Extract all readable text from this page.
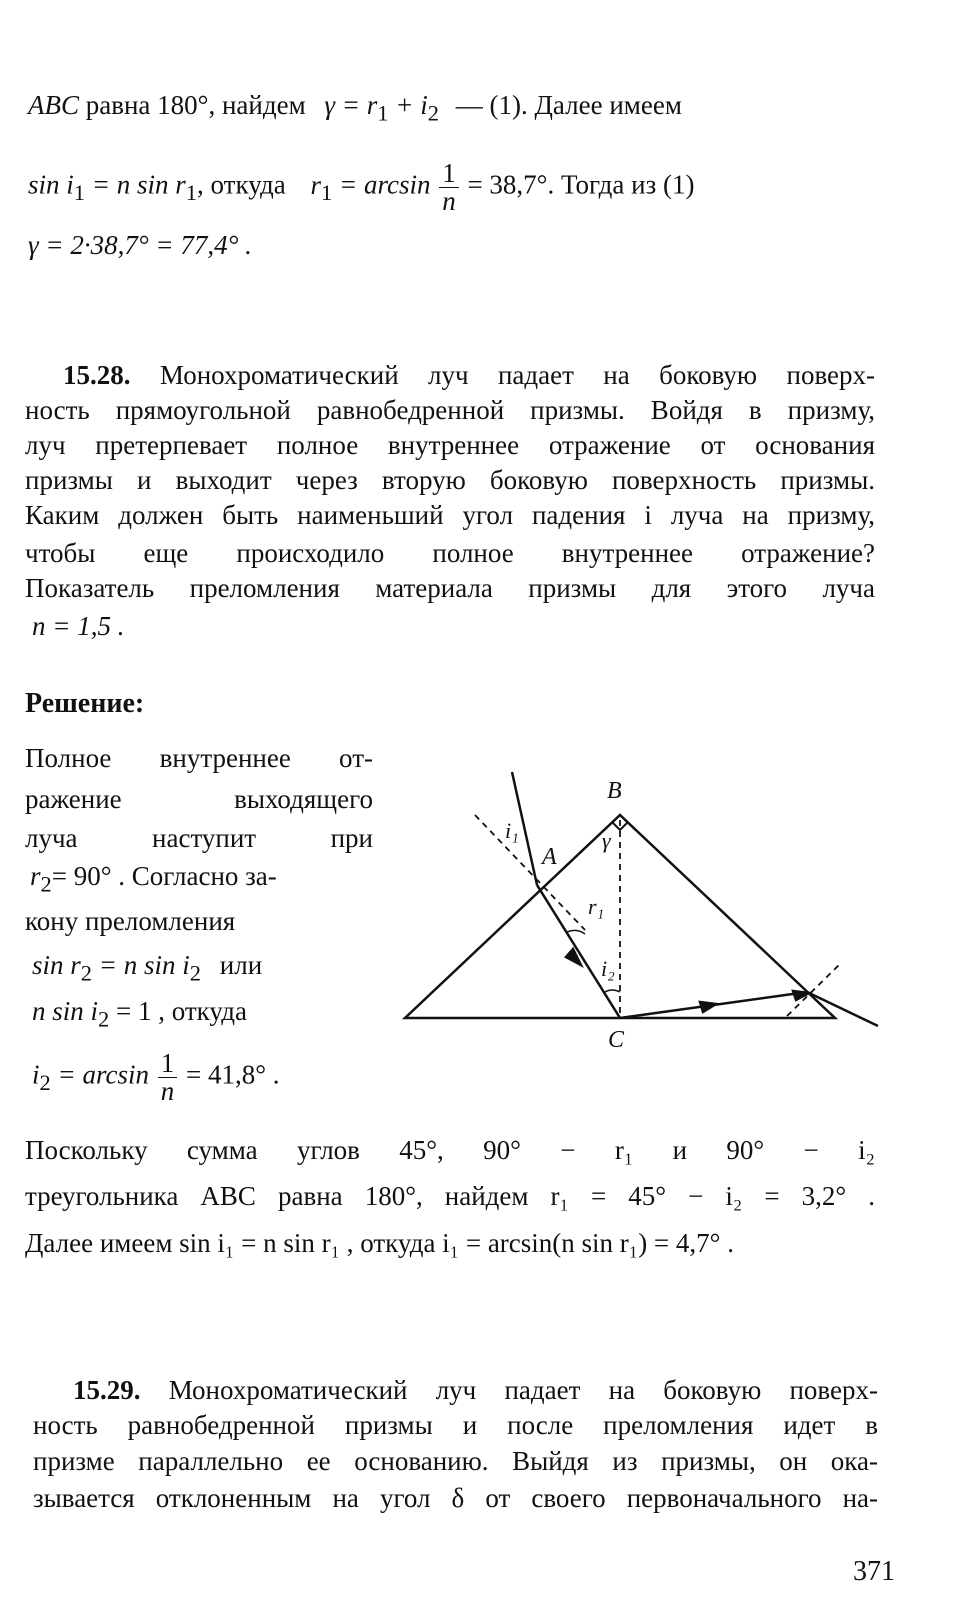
ABC равна 180°, найдем $\gamma = r_1 + i_2$ — (1). Далее имеем
$\sin i_1 = n$ $\sin r_1$, откуда $r_1 = \arcsin \frac{1}{n} = 38,7^\circ$. Тогда из (1)
γ = 2·38,7° = 77,4° .
15.28. Монохроматический луч падает на боковую поверх-
ность прямоугольной равнобедренной призмы. Войдя в призму,
луч претерпевает полное внутреннее отражение от основания
призмы и выходит через вторую боковую поверхность призмы.
Каким должен быть наименьший угол падения i луча на призму,
чтобы еще происходило полное внутреннее отражение?
Показатель преломления материала призмы для этого луча
n = 1,5 .
Решение:
Полное внутреннее от-
ражение выходящего
луча наступит при
$r_2= 90^\circ$ . Согласно за-
кону преломления
$\sin r_2 = n$ $\sin i_2$ или
n $\sin i_2 = 1$ , откуда
$i_2 = \arcsin \frac{1}{n} = 41,8^\circ$ .
Поскольку сумма углов 45°, 90° − r₁ и 90° − i₂
треугольника ABC равна 180°, найдем r₁ = 45° − i₂ = 3,2° .
Далее имеем sin i₁ = n sin r₁ , откуда i₁ = arcsin(n sin r₁) = 4,7° .
B
A
C
γ
i₁
r₁
i₂
15.29. Монохроматический луч падает на боковую поверх-
ность равнобедренной призмы и после преломления идет в
призме параллельно ее основанию. Выйдя из призмы, он ока-
зывается отклоненным на угол δ от своего первоначального на-
371
